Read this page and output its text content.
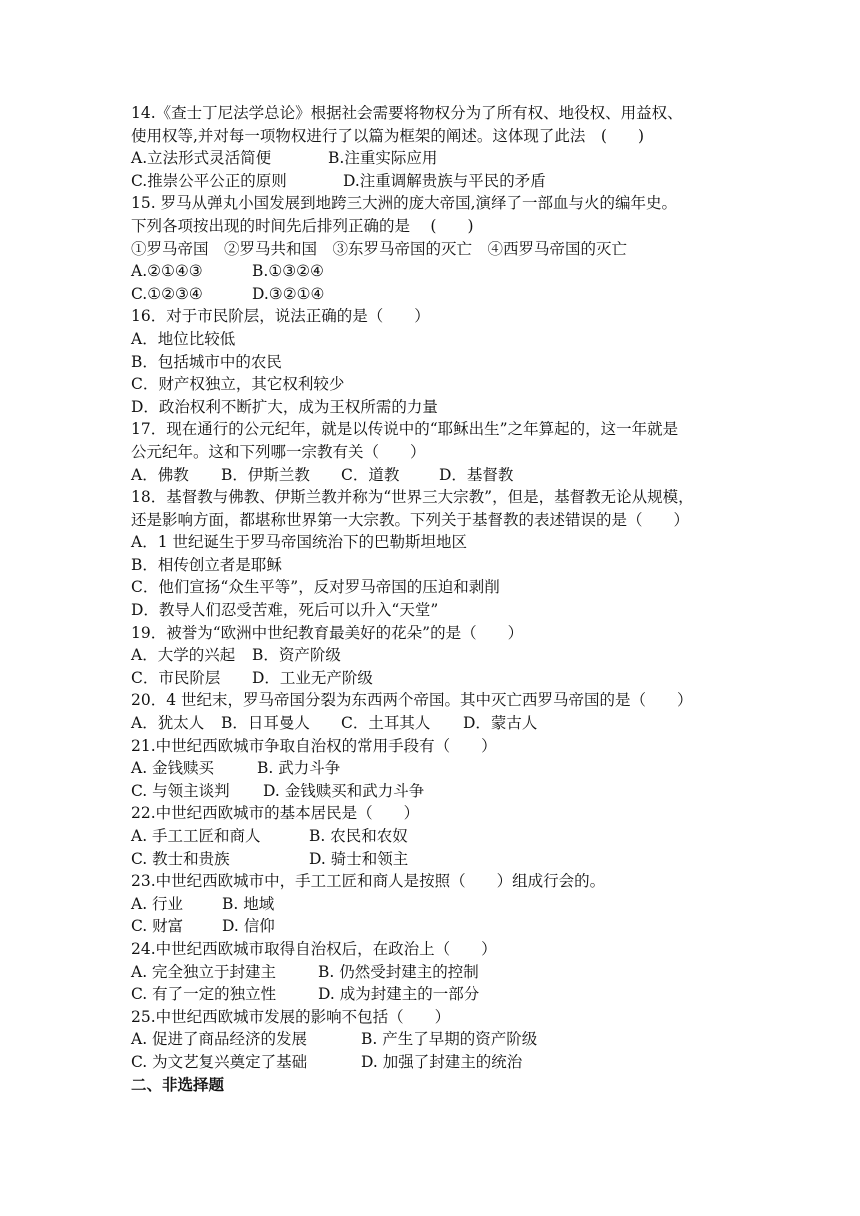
14.《查士丁尼法学总论》根据社会需要将物权分为了所有权、地役权、用益权、
使用权等,并对每一项物权进行了以篇为框架的阐述。这体现了此法　(　　)
A.立法形式灵活简便	B.注重实际应用
C.推崇公平公正的原则	D.注重调解贵族与平民的矛盾
15. 罗马从弹丸小国发展到地跨三大洲的庞大帝国,演绎了一部血与火的编年史。
下列各项按出现的时间先后排列正确的是　 (　　)
①罗马帝国　②罗马共和国　③东罗马帝国的灭亡　④西罗马帝国的灭亡
A.②①④③	B.①③②④
C.①②③④	D.③②①④
16．对于市民阶层，说法正确的是（　　）
A．地位比较低
B．包括城市中的农民
C．财产权独立，其它权利较少
D．政治权利不断扩大，成为王权所需的力量
17．现在通行的公元纪年，就是以传说中的“耶稣出生”之年算起的，这一年就是
公元纪年。这和下列哪一宗教有关（　　）
A．佛教 B．伊斯兰教 C．道教	D．基督教
18．基督教与佛教、伊斯兰教并称为“世界三大宗教”，但是，基督教无论从规模，
还是影响方面，都堪称世界第一大宗教。下列关于基督教的表述错误的是（　　）
A．1 世纪诞生于罗马帝国统治下的巴勒斯坦地区
B．相传创立者是耶稣
C．他们宣扬“众生平等”，反对罗马帝国的压迫和剥削
D．教导人们忍受苦难，死后可以升入“天堂”
19．被誉为“欧洲中世纪教育最美好的花朵”的是（　　）
A．大学的兴起 B．资产阶级
C．市民阶层 D．工业无产阶级
20．4 世纪末，罗马帝国分裂为东西两个帝国。其中灭亡西罗马帝国的是（　　）
A．犹太人 B．日耳曼人 C．土耳其人 D．蒙古人
21.中世纪西欧城市争取自治权的常用手段有（　　）
A. 金钱赎买	B. 武力斗争
C. 与领主谈判 D. 金钱赎买和武力斗争
22.中世纪西欧城市的基本居民是（　　）
A. 手工工匠和商人	B. 农民和农奴
C. 教士和贵族	D. 骑士和领主
23.中世纪西欧城市中，手工工匠和商人是按照（　　）组成行会的。
A. 行业	B. 地域
C. 财富	D. 信仰
24.中世纪西欧城市取得自治权后，在政治上（　　）
A. 完全独立于封建主	B. 仍然受封建主的控制
C. 有了一定的独立性	D. 成为封建主的一部分
25.中世纪西欧城市发展的影响不包括（　　）
A. 促进了商品经济的发展	B. 产生了早期的资产阶级
C. 为文艺复兴奠定了基础	D. 加强了封建主的统治
二、非选择题
